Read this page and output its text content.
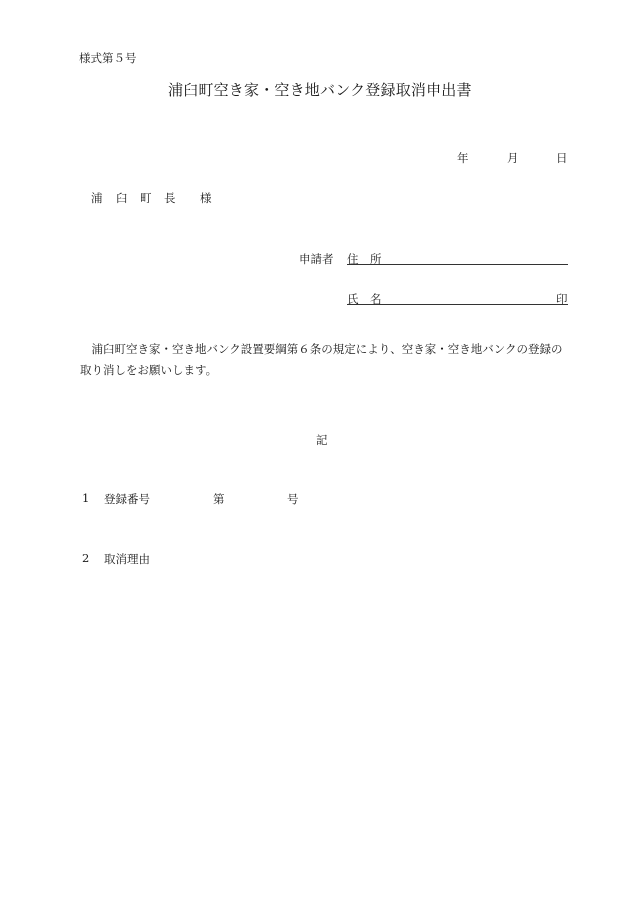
様式第５号
浦臼町空き家・空き地バンク登録取消申出書
年	月	日
浦 臼 町 長 様
申請者 住　所
氏　名	印

浦臼町空き家・空き地バンク設置要綱第６条の規定により、空き家・空き地バンクの登録の取り消しをお願いします。

記
1 登録番号	第	号
2 取消理由
